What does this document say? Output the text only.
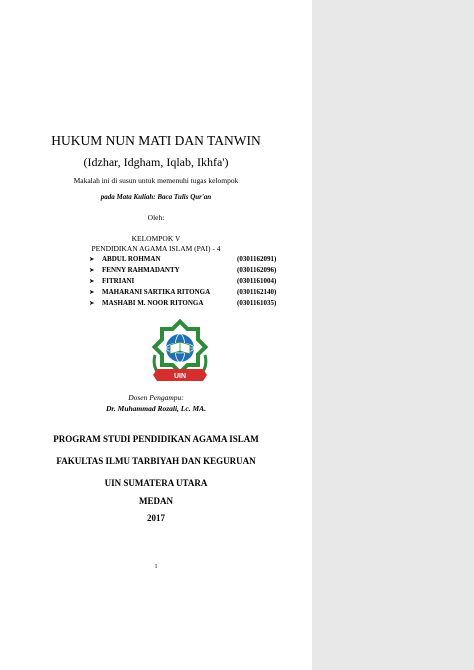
HUKUM NUN MATI DAN TANWIN
(Idzhar, Idgham, Iqlab, Ikhfa')
Makalah ini di susun untuk memenuhi tugas kelompok
pada Mata Kuliah: Baca Tulis Qur'an
Oleh:
KELOMPOK V
PENDIDIKAN AGAMA ISLAM (PAI) - 4
➤ ABDUL ROHMAN	(0301162091)
➤ FENNY RAHMADANTY	(0301162096)
➤ FITRIANI	(0301161004)
➤ MAHARANI SARTIKA RITONGA	(0301162140)
➤ MASHABI M. NOOR RITONGA	(0301161035)
UIN
Dosen Pengampu:
Dr. Muhammad Rozali, Lc. MA.
PROGRAM STUDI PENDIDIKAN AGAMA ISLAM
FAKULTAS ILMU TARBIYAH DAN KEGURUAN
UIN SUMATERA UTARA
MEDAN
2017
1
